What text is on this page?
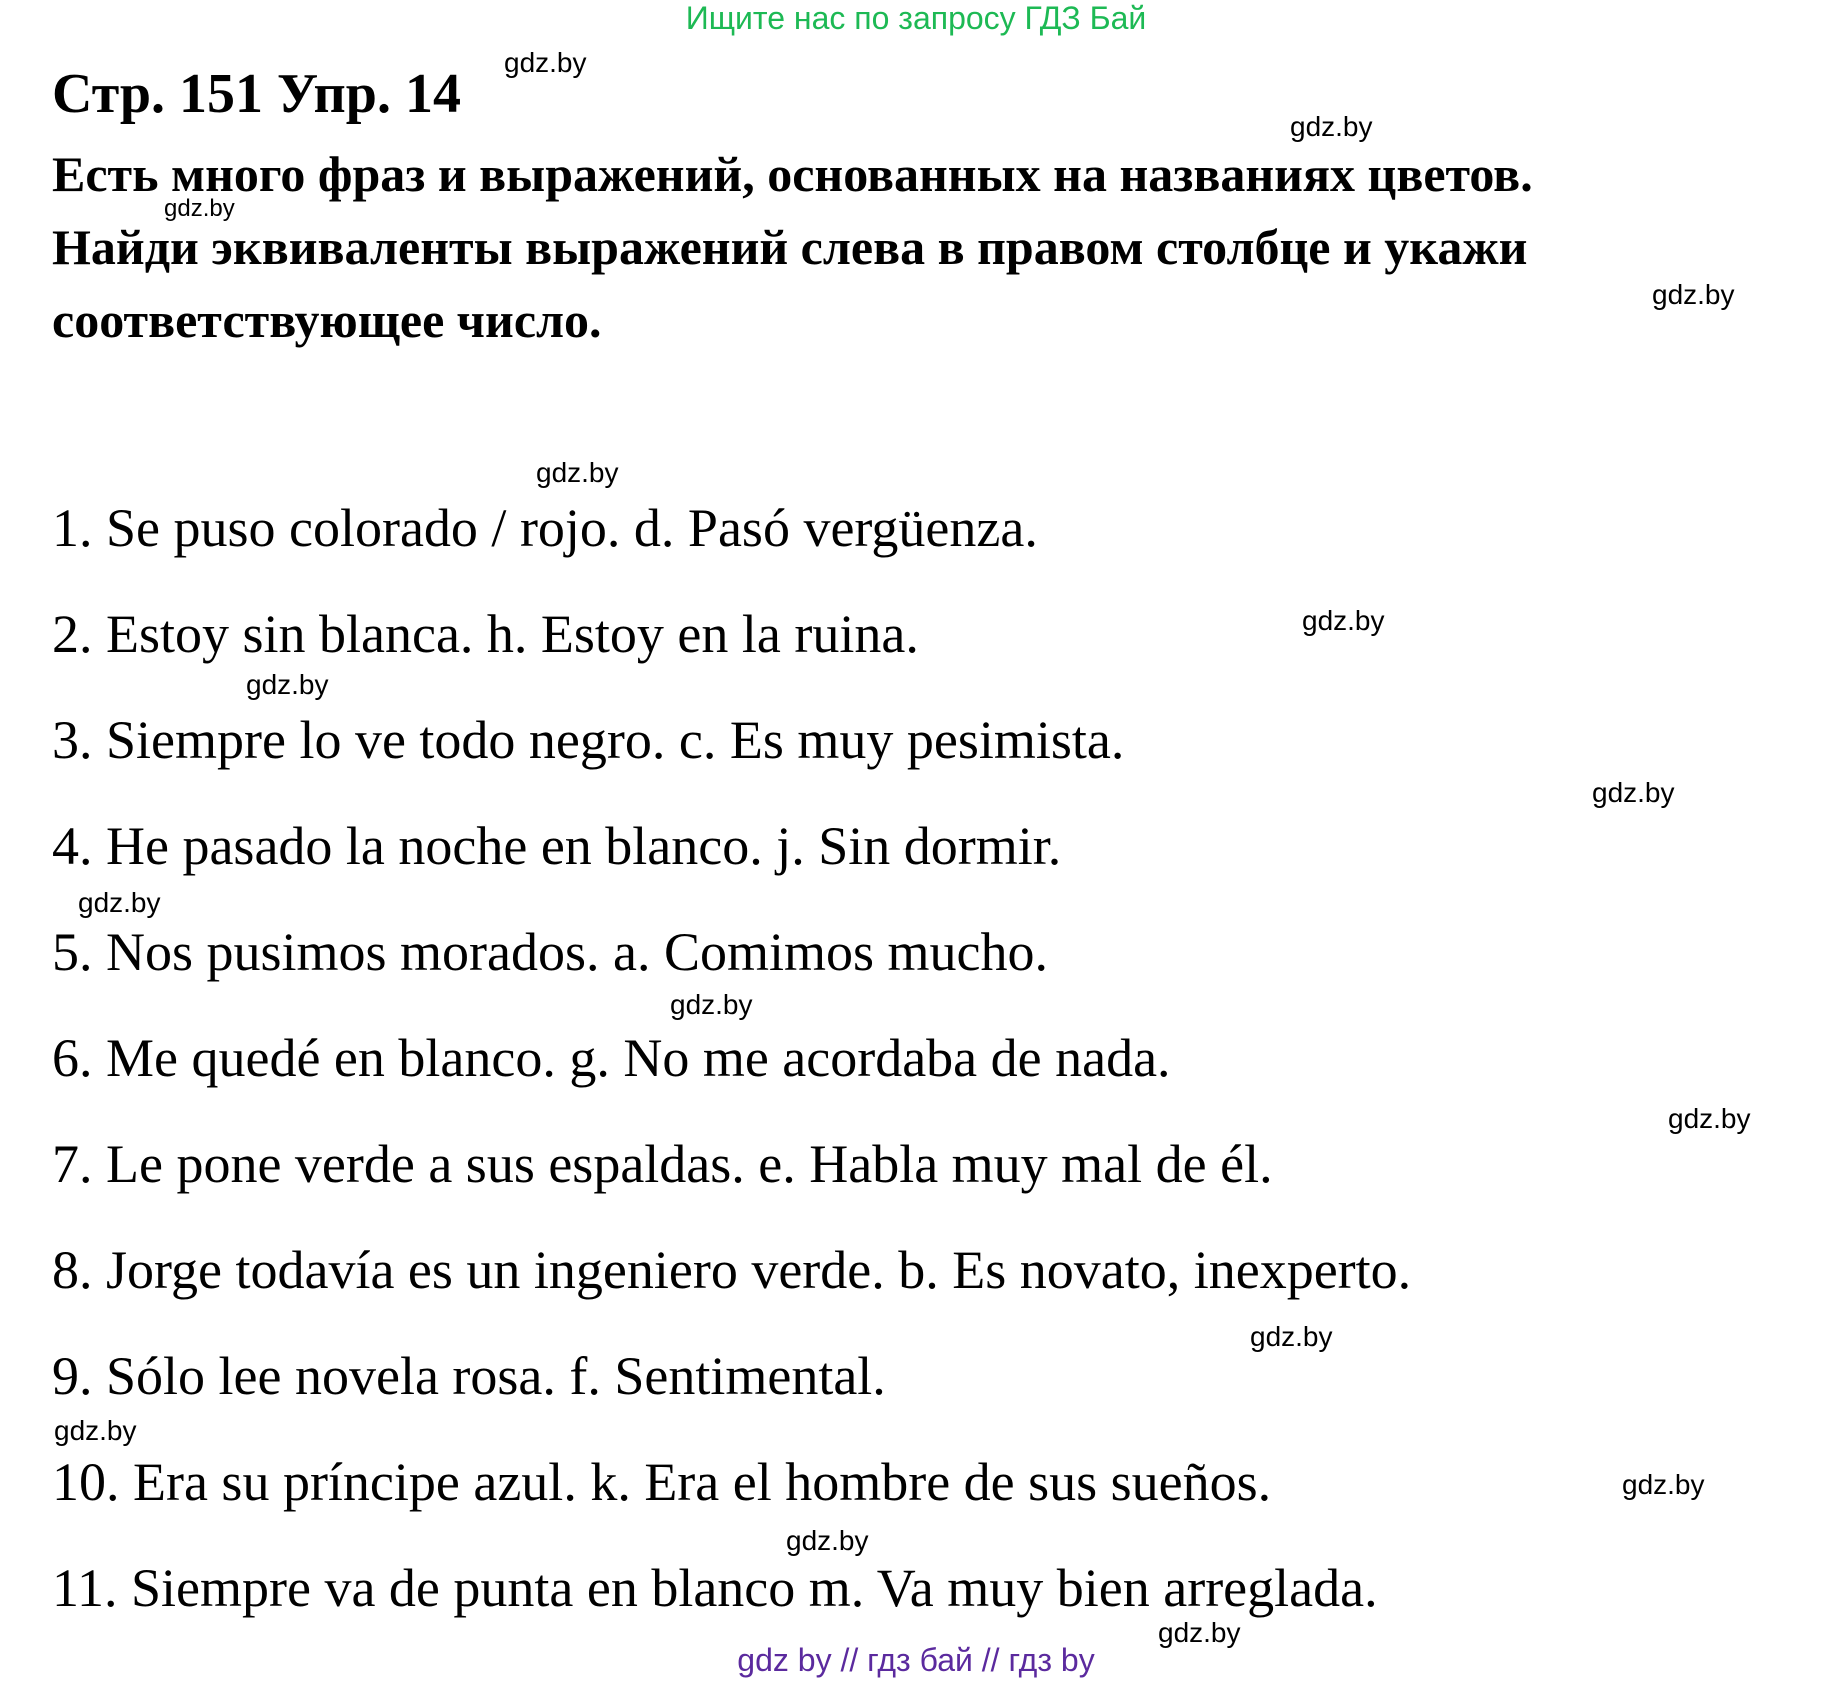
Ищите нас по запросу ГДЗ Бай
Стр. 151 Упр. 14
Есть много фраз и выражений, основанных на названиях цветов.
Найди эквиваленты выражений слева в правом столбце и укажи
соответствующее число.
1. Se puso colorado / rojo. d. Pasó vergüenza.
2. Estoy sin blanca. h. Estoy en la ruina.
3. Siempre lo ve todo negro. c. Es muy pesimista.
4. He pasado la noche en blanco. j. Sin dormir.
5. Nos pusimos morados. a. Comimos mucho.
6. Me quedé en blanco. g. No me acordaba de nada.
7. Le pone verde a sus espaldas. e. Habla muy mal de él.
8. Jorge todavía es un ingeniero verde. b. Es novato, inexperto.
9. Sólo lee novela rosa. f. Sentimental.
10. Era su príncipe azul. k. Era el hombre de sus sueños.
11. Siempre va de punta en blanco m. Va muy bien arreglada.
gdz.by
gdz.by
gdz.by
gdz.by
gdz.by
gdz.by
gdz.by
gdz.by
gdz.by
gdz.by
gdz.by
gdz.by
gdz.by
gdz.by
gdz.by
gdz.by
gdz by // гдз бай // гдз by
